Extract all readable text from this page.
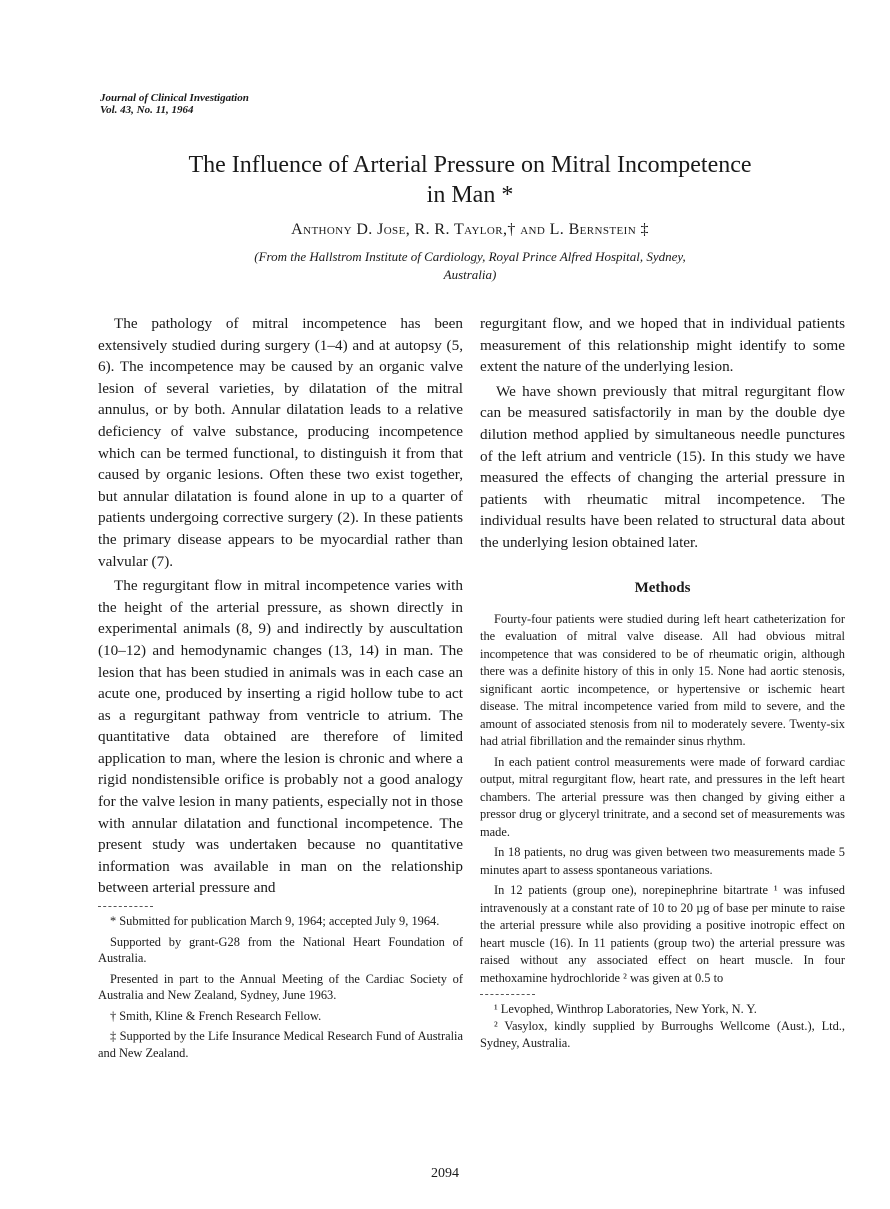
Journal of Clinical Investigation
Vol. 43, No. 11, 1964
The Influence of Arterial Pressure on Mitral Incompetence
in Man *
Anthony D. Jose, R. R. Taylor,† and L. Bernstein ‡
(From the Hallstrom Institute of Cardiology, Royal Prince Alfred Hospital, Sydney,
Australia)

The pathology of mitral incompetence has been extensively studied during surgery (1–4) and at autopsy (5, 6). The incompetence may be caused by an organic valve lesion of several varieties, by dilatation of the mitral annulus, or by both. Annular dilatation leads to a relative deficiency of valve substance, producing incompetence which can be termed functional, to distinguish it from that caused by organic lesions. Often these two exist together, but annular dilatation is found alone in up to a quarter of patients undergoing corrective surgery (2). In these patients the primary disease appears to be myocardial rather than valvular (7).

The regurgitant flow in mitral incompetence varies with the height of the arterial pressure, as shown directly in experimental animals (8, 9) and indirectly by auscultation (10–12) and hemodynamic changes (13, 14) in man. The lesion that has been studied in animals was in each case an acute one, produced by inserting a rigid hollow tube to act as a regurgitant pathway from ventricle to atrium. The quantitative data obtained are therefore of limited application to man, where the lesion is chronic and where a rigid nondistensible orifice is probably not a good analogy for the valve lesion in many patients, especially not in those with annular dilatation and functional incompetence. The present study was undertaken because no quantitative information was available in man on the relationship between arterial pressure and

* Submitted for publication March 9, 1964; accepted July 9, 1964.

Supported by grant-G28 from the National Heart Foundation of Australia.

Presented in part to the Annual Meeting of the Cardiac Society of Australia and New Zealand, Sydney, June 1963.

† Smith, Kline & French Research Fellow.

‡ Supported by the Life Insurance Medical Research Fund of Australia and New Zealand.

regurgitant flow, and we hoped that in individual patients measurement of this relationship might identify to some extent the nature of the underlying lesion.

We have shown previously that mitral regurgitant flow can be measured satisfactorily in man by the double dye dilution method applied by simultaneous needle punctures of the left atrium and ventricle (15). In this study we have measured the effects of changing the arterial pressure in patients with rheumatic mitral incompetence. The individual results have been related to structural data about the underlying lesion obtained later.

Methods

Fourty-four patients were studied during left heart catheterization for the evaluation of mitral valve disease. All had obvious mitral incompetence that was considered to be of rheumatic origin, although there was a definite history of this in only 15. None had aortic stenosis, significant aortic incompetence, or hypertensive or ischemic heart disease. The mitral incompetence varied from mild to severe, and the amount of associated stenosis from nil to moderately severe. Twenty-six had atrial fibrillation and the remainder sinus rhythm.

In each patient control measurements were made of forward cardiac output, mitral regurgitant flow, heart rate, and pressures in the left heart chambers. The arterial pressure was then changed by giving either a pressor drug or glyceryl trinitrate, and a second set of measurements was made.

In 18 patients, no drug was given between two measurements made 5 minutes apart to assess spontaneous variations.

In 12 patients (group one), norepinephrine bitartrate ¹ was infused intravenously at a constant rate of 10 to 20 µg of base per minute to raise the arterial pressure while also providing a positive inotropic effect on heart muscle (16). In 11 patients (group two) the arterial pressure was raised without any associated effect on heart muscle. In four methoxamine hydrochloride ² was given at 0.5 to

¹ Levophed, Winthrop Laboratories, New York, N. Y.

² Vasylox, kindly supplied by Burroughs Wellcome (Aust.), Ltd., Sydney, Australia.

2094
